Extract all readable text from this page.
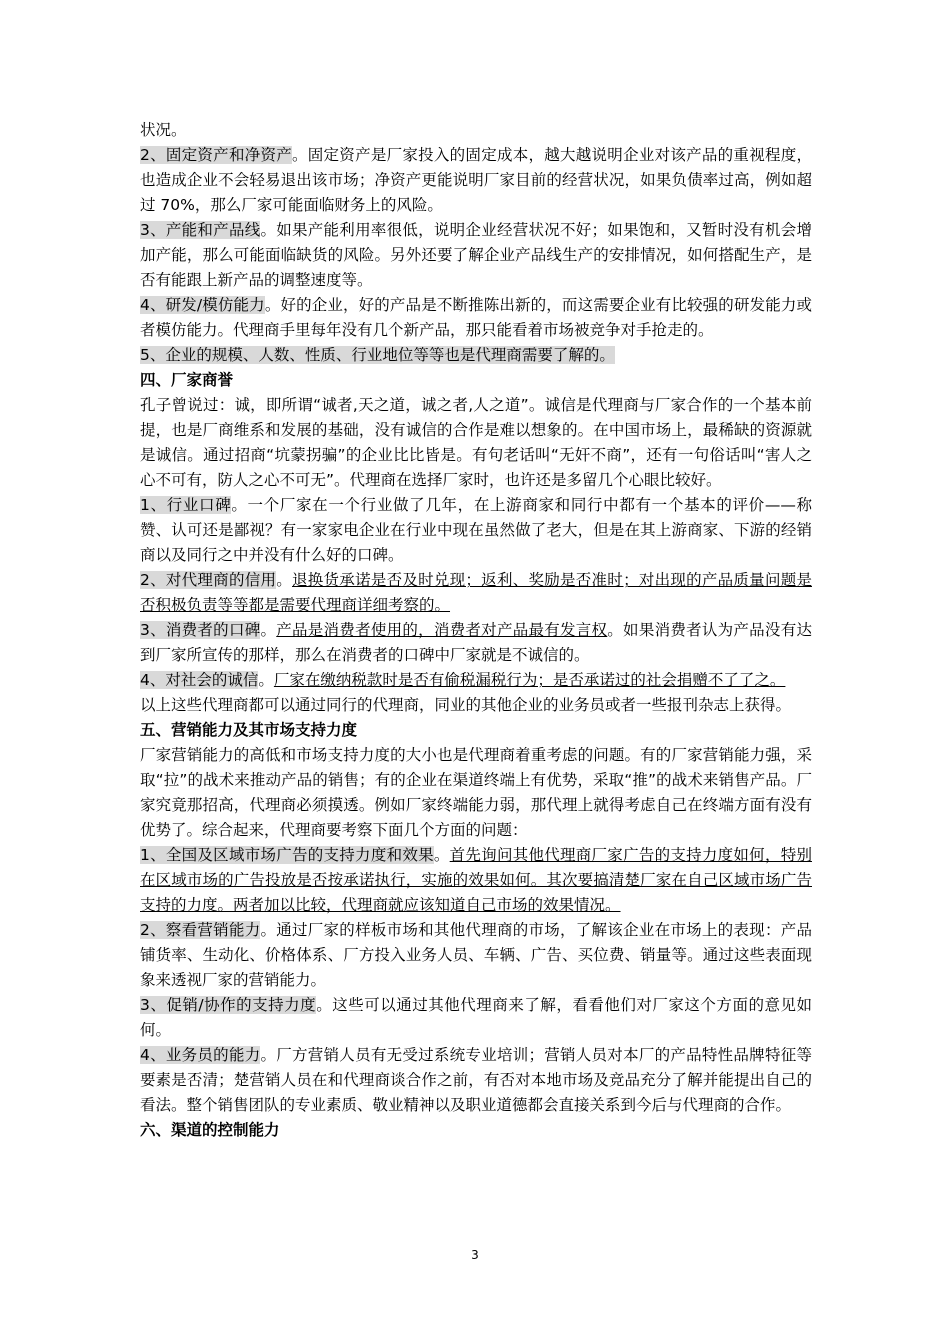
状况。

2、固定资产和净资产。固定资产是厂家投入的固定成本，越大越说明企业对该产品的重视程度，也造成企业不会轻易退出该市场；净资产更能说明厂家目前的经营状况，如果负债率过高，例如超过 70%，那么厂家可能面临财务上的风险。

3、产能和产品线。如果产能利用率很低，说明企业经营状况不好；如果饱和，又暂时没有机会增加产能，那么可能面临缺货的风险。另外还要了解企业产品线生产的安排情况，如何搭配生产，是否有能跟上新产品的调整速度等。

4、研发/模仿能力。好的企业，好的产品是不断推陈出新的，而这需要企业有比较强的研发能力或者模仿能力。代理商手里每年没有几个新产品，那只能看着市场被竞争对手抢走的。

5、企业的规模、人数、性质、行业地位等等也是代理商需要了解的。

四、厂家商誉

孔子曾说过：诚，即所谓“诚者,天之道，诚之者,人之道”。诚信是代理商与厂家合作的一个基本前提，也是厂商维系和发展的基础，没有诚信的合作是难以想象的。在中国市场上，最稀缺的资源就是诚信。通过招商“坑蒙拐骗”的企业比比皆是。有句老话叫“无奸不商”，还有一句俗话叫“害人之心不可有，防人之心不可无”。代理商在选择厂家时，也许还是多留几个心眼比较好。

1、行业口碑。一个厂家在一个行业做了几年，在上游商家和同行中都有一个基本的评价——称赞、认可还是鄙视？有一家家电企业在行业中现在虽然做了老大，但是在其上游商家、下游的经销商以及同行之中并没有什么好的口碑。

2、对代理商的信用。退换货承诺是否及时兑现；返利、奖励是否准时；对出现的产品质量问题是否积极负责等等都是需要代理商详细考察的。

3、消费者的口碑。产品是消费者使用的，消费者对产品最有发言权。如果消费者认为产品没有达到厂家所宣传的那样，那么在消费者的口碑中厂家就是不诚信的。

4、对社会的诚信。厂家在缴纳税款时是否有偷税漏税行为；是否承诺过的社会捐赠不了了之。

以上这些代理商都可以通过同行的代理商，同业的其他企业的业务员或者一些报刊杂志上获得。

五、营销能力及其市场支持力度

厂家营销能力的高低和市场支持力度的大小也是代理商着重考虑的问题。有的厂家营销能力强，采取“拉”的战术来推动产品的销售；有的企业在渠道终端上有优势，采取“推”的战术来销售产品。厂家究竟那招高，代理商必须摸透。例如厂家终端能力弱，那代理上就得考虑自己在终端方面有没有优势了。综合起来，代理商要考察下面几个方面的问题：

1、全国及区域市场广告的支持力度和效果。首先询问其他代理商厂家广告的支持力度如何，特别在区域市场的广告投放是否按承诺执行，实施的效果如何。其次要搞清楚厂家在自己区域市场广告支持的力度。两者加以比较，代理商就应该知道自己市场的效果情况。

2、察看营销能力。通过厂家的样板市场和其他代理商的市场，了解该企业在市场上的表现：产品铺货率、生动化、价格体系、厂方投入业务人员、车辆、广告、买位费、销量等。通过这些表面现象来透视厂家的营销能力。

3、促销/协作的支持力度。这些可以通过其他代理商来了解，看看他们对厂家这个方面的意见如何。

4、业务员的能力。厂方营销人员有无受过系统专业培训；营销人员对本厂的产品特性品牌特征等要素是否清；楚营销人员在和代理商谈合作之前，有否对本地市场及竞品充分了解并能提出自己的看法。整个销售团队的专业素质、敬业精神以及职业道德都会直接关系到今后与代理商的合作。

六、渠道的控制能力

3
